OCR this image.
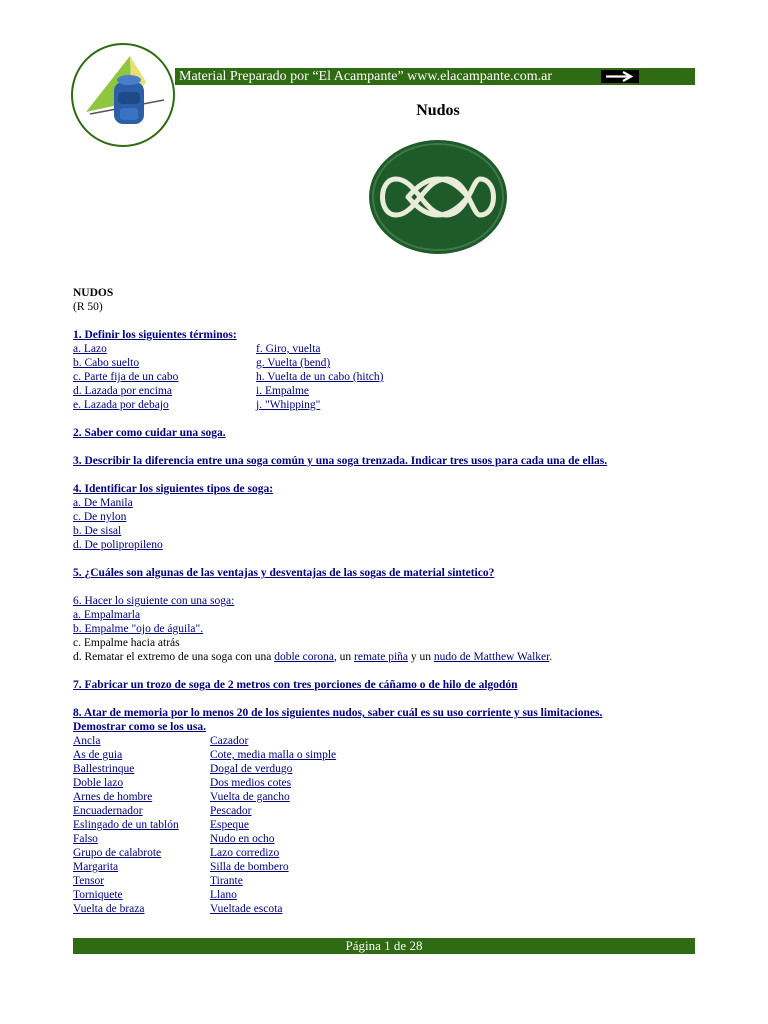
Material Preparado por “El Acampante” www.elacampante.com.ar
Nudos
NUDOS
(R 50)
1. Definir los siguientes términos:
a. Lazo
b. Cabo suelto
c. Parte fija de un cabo
d. Lazada por encima
e. Lazada por debajo
f. Giro, vuelta
g. Vuelta (bend)
h. Vuelta de un cabo (hitch)
i. Empalme
j. "Whipping"
2. Saber como cuidar una soga.
3. Describir la diferencia entre una soga común y una soga trenzada. Indicar tres usos para cada una de ellas.
4. Identificar los siguientes tipos de soga:
a. De Manila
c. De nylon
b. De sisal
d. De polipropileno
5. ¿Cuáles son algunas de las ventajas y desventajas de las sogas de material sintetico?
6. Hacer lo siguiente con una soga:
a. Empalmarla
b. Empalme "ojo de águila".
c. Empalme hacia atrás
d. Rematar el extremo de una soga con una doble corona, un remate piña y un nudo de Matthew Walker.
7. Fabricar un trozo de soga de 2 metros con tres porciones de cáñamo o de hilo de algodón
8. Atar de memoria por lo menos 20 de los siguientes nudos, saber cuál es su uso corriente y sus limitaciones.
Demostrar como se los usa.
Ancla
As de guia
Ballestrinque
Doble lazo
Arnes de hombre
Encuadernador
Eslingado de un tablón
Falso
Grupo de calabrote
Margarita
Tensor
Torniquete
Vuelta de braza
Cazador
Cote, media malla o simple
Dogal de verdugo
Dos medios cotes
Vuelta de gancho
Pescador
Espeque
Nudo en ocho
Lazo corredizo
Silla de bombero
Tirante
Llano
Vueltade escota
Página 1 de 28
